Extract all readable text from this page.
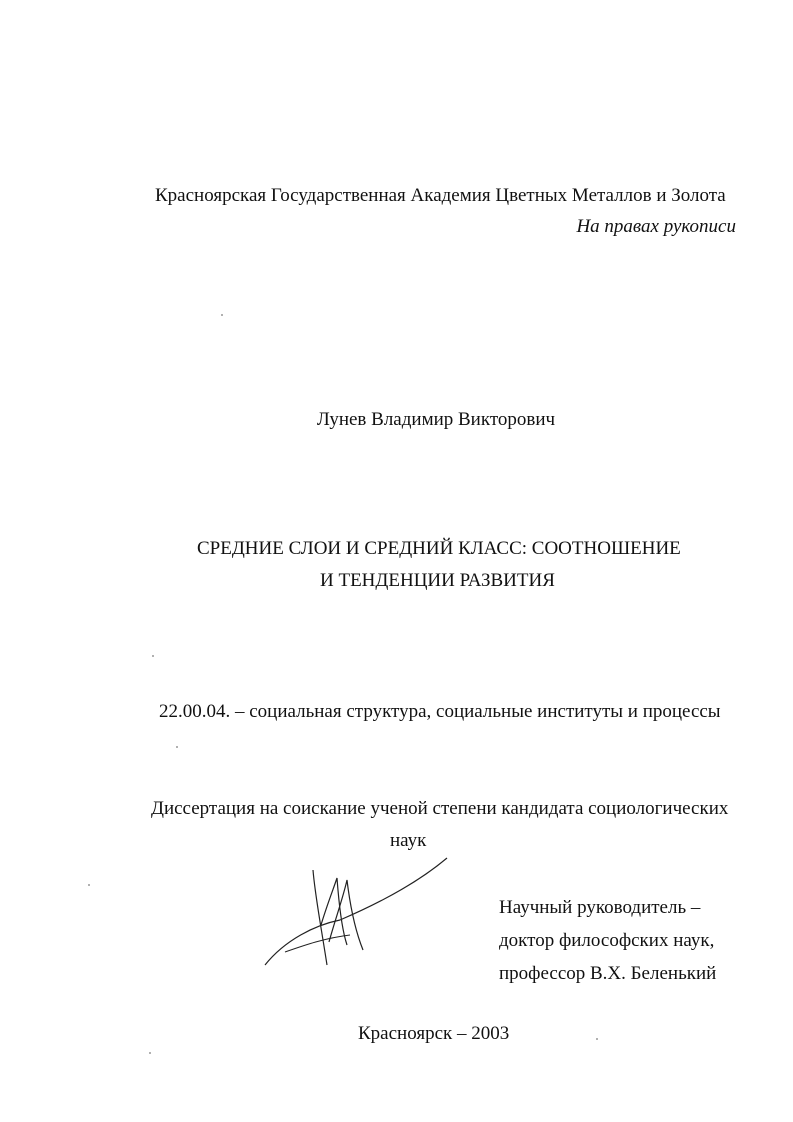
Красноярская Государственная Академия Цветных Металлов и Золота
На правах рукописи
Лунев Владимир Викторович
СРЕДНИЕ СЛОИ И СРЕДНИЙ КЛАСС: СООТНОШЕНИЕ
И ТЕНДЕНЦИИ РАЗВИТИЯ
22.00.04. – социальная структура, социальные институты и процессы
Диссертация на соискание ученой степени кандидата социологических
наук
Научный руководитель –
доктор философских наук,
профессор В.Х. Беленький
Красноярск – 2003
